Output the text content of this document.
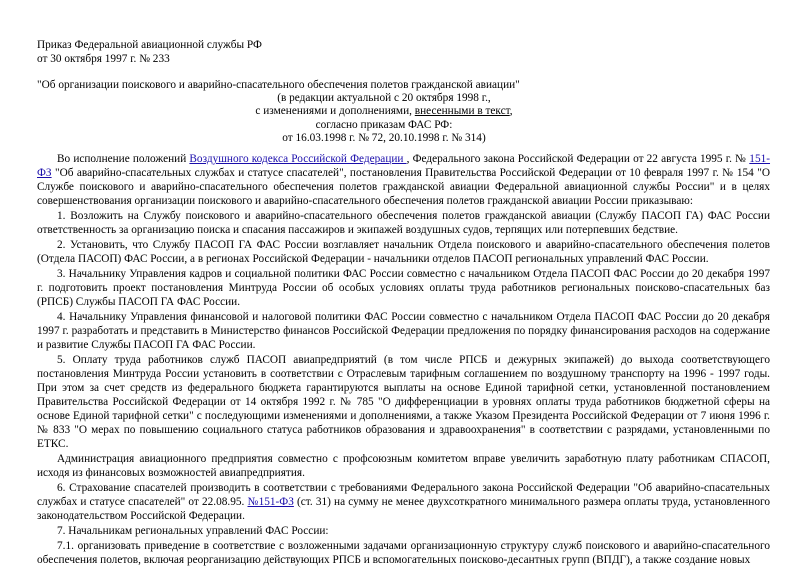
Приказ Федеральной авиационной службы РФ
от 30 октября 1997 г. № 233
"Об организации поискового и аварийно-спасательного обеспечения полетов гражданской авиации"
(в редакции актуальной с 20 октября 1998 г.,
с изменениями и дополнениями, внесенными в текст,
согласно приказам ФАС РФ:
от 16.03.1998 г. № 72, 20.10.1998 г. № 314)

Во исполнение положений Воздушного кодекса Российской Федерации , Федерального закона Российской Федерации от 22 августа 1995 г. № 151-ФЗ "Об аварийно-спасательных службах и статусе спасателей", постановления Правительства Российской Федерации от 10 февраля 1997 г. № 154 "О Службе поискового и аварийно-спасательного обеспечения полетов гражданской авиации Федеральной авиационной службы России" и в целях совершенствования организации поискового и аварийно-спасательного обеспечения полетов гражданской авиации России приказываю:

1. Возложить на Службу поискового и аварийно-спасательного обеспечения полетов гражданской авиации (Службу ПАСОП ГА) ФАС России ответственность за организацию поиска и спасания пассажиров и экипажей воздушных судов, терпящих или потерпевших бедствие.

2. Установить, что Службу ПАСОП ГА ФАС России возглавляет начальник Отдела поискового и аварийно-спасательного обеспечения полетов (Отдела ПАСОП) ФАС России, а в регионах Российской Федерации - начальники отделов ПАСОП региональных управлений ФАС России.

3. Начальнику Управления кадров и социальной политики ФАС России совместно с начальником Отдела ПАСОП ФАС России до 20 декабря 1997 г. подготовить проект постановления Минтруда России об особых условиях оплаты труда работников региональных поисково-спасательных баз (РПСБ) Службы ПАСОП ГА ФАС России.

4. Начальнику Управления финансовой и налоговой политики ФАС России совместно с начальником Отдела ПАСОП ФАС России до 20 декабря 1997 г. разработать и представить в Министерство финансов Российской Федерации предложения по порядку финансирования расходов на содержание и развитие Службы ПАСОП ГА ФАС России.

5. Оплату труда работников служб ПАСОП авиапредприятий (в том числе РПСБ и дежурных экипажей) до выхода соответствующего постановления Минтруда России установить в соответствии с Отраслевым тарифным соглашением по воздушному транспорту на 1996 - 1997 годы. При этом за счет средств из федерального бюджета гарантируются выплаты на основе Единой тарифной сетки, установленной постановлением Правительства Российской Федерации от 14 октября 1992 г. № 785 "О дифференциации в уровнях оплаты труда работников бюджетной сферы на основе Единой тарифной сетки" с последующими изменениями и дополнениями, а также Указом Президента Российской Федерации от 7 июня 1996 г. № 833 "О мерах по повышению социального статуса работников образования и здравоохранения" в соответствии с разрядами, установленными по ЕТКС.

Администрация авиационного предприятия совместно с профсоюзным комитетом вправе увеличить заработную плату работникам СПАСОП, исходя из финансовых возможностей авиапредприятия.

6. Страхование спасателей производить в соответствии с требованиями Федерального закона Российской Федерации "Об аварийно-спасательных службах и статусе спасателей" от 22.08.95. №151-ФЗ (ст. 31) на сумму не менее двухсоткратного минимального размера оплаты труда, установленного законодательством Российской Федерации.

7. Начальникам региональных управлений ФАС России:

7.1. организовать приведение в соответствие с возложенными задачами организационную структуру служб поискового и аварийно-спасательного обеспечения полетов, включая реорганизацию действующих РПСБ и вспомогательных поисково-десантных групп (ВПДГ), а также создание новых
